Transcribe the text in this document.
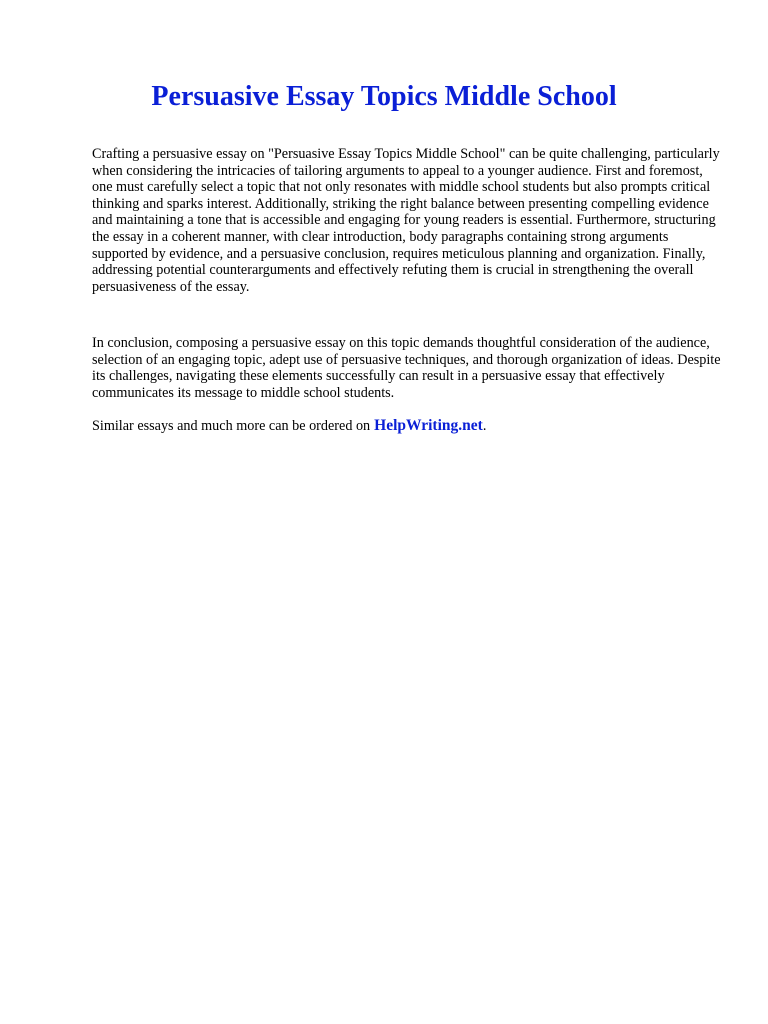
Persuasive Essay Topics Middle School

Crafting a persuasive essay on "Persuasive Essay Topics Middle School" can be quite challenging, particularly when considering the intricacies of tailoring arguments to appeal to a younger audience. First and foremost, one must carefully select a topic that not only resonates with middle school students but also prompts critical thinking and sparks interest. Additionally, striking the right balance between presenting compelling evidence and maintaining a tone that is accessible and engaging for young readers is essential. Furthermore, structuring the essay in a coherent manner, with clear introduction, body paragraphs containing strong arguments supported by evidence, and a persuasive conclusion, requires meticulous planning and organization. Finally, addressing potential counterarguments and effectively refuting them is crucial in strengthening the overall persuasiveness of the essay.

In conclusion, composing a persuasive essay on this topic demands thoughtful consideration of the audience, selection of an engaging topic, adept use of persuasive techniques, and thorough organization of ideas. Despite its challenges, navigating these elements successfully can result in a persuasive essay that effectively communicates its message to middle school students.

Similar essays and much more can be ordered on HelpWriting.net.
